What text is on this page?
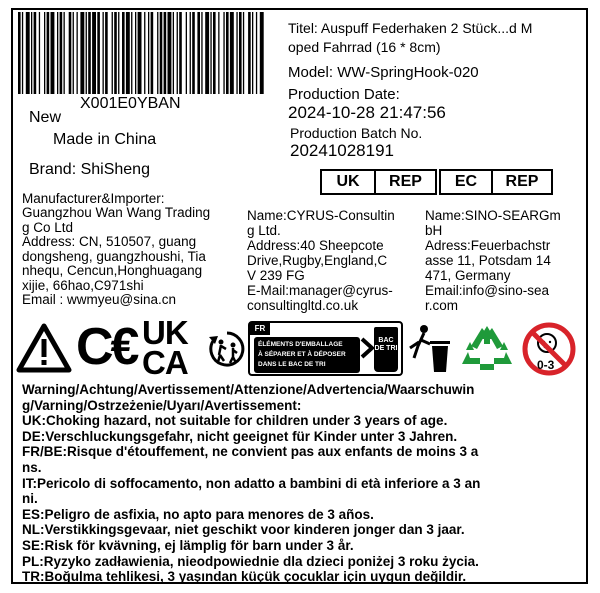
X001E0YBAN
New
Made in China
Brand: ShiSheng
Titel: Auspuff Federhaken 2 Stück...d M
oped Fahrrad (16 * 8cm)
Model: WW-SpringHook-020
Production Date:
2024-10-28 21:47:56
Production Batch No.
20241028191
UK	REP	EC	REP
Manufacturer&Importer:
Guangzhou Wan Wang Trading
g Co Ltd
Address: CN, 510507, guang
dongsheng, guangzhoushi, Tia
nhequ, Cencun,Honghuagang
xijie, 66hao,C971shi
Email : wwmyeu@sina.cn
Name:CYRUS-Consultin
g Ltd.
Address:40 Sheepcote
Drive,Rugby,England,C
V 239 FG
E-Mail:manager@cyrus-
consultingltd.co.uk
Name:SINO-SEARGm
bH
Adress:Feuerbachstr
asse 11, Potsdam 14
471, Germany
Email:info@sino-sea
r.com
C€ UK
CA
FR
ÉLÉMENTS D'EMBALLAGE
À SÉPARER ET À DÉPOSER
DANS LE BAC DE TRI
BAC DE TRI
0-3
Warning/Achtung/Avertissement/Attenzione/Advertencia/Waarschuwin
g/Varning/Ostrzeżenie/Uyarı/Avertissement:
UK:Choking hazard, not suitable for children under 3 years of age.
DE:Verschluckungsgefahr, nicht geeignet für Kinder unter 3 Jahren.
FR/BE:Risque d'étouffement, ne convient pas aux enfants de moins 3 a
ns.
IT:Pericolo di soffocamento, non adatto a bambini di età inferiore a 3 an
ni.
ES:Peligro de asfixia, no apto para menores de 3 años.
NL:Verstikkingsgevaar, niet geschikt voor kinderen jonger dan 3 jaar.
SE:Risk för kvävning, ej lämplig för barn under 3 år.
PL:Ryzyko zadławienia, nieodpowiednie dla dzieci poniżej 3 roku życia.
TR:Boğulma tehlikesi, 3 yaşından küçük çocuklar için uygun değildir.
